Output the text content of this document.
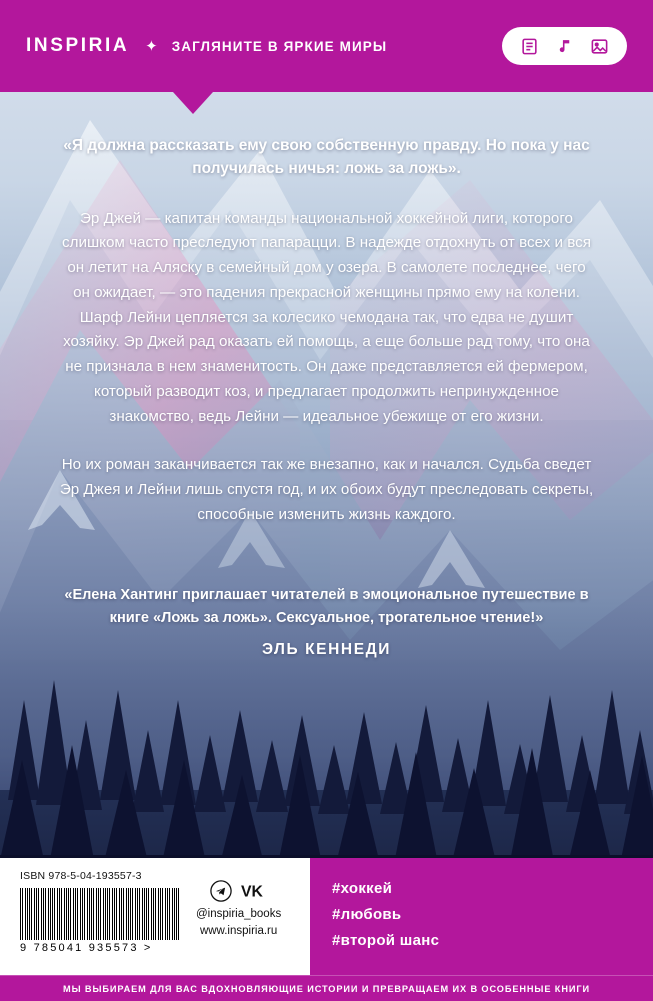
INSPIRIA ✦ ЗАГЛЯНИТЕ В ЯРКИЕ МИРЫ

«Я должна рассказать ему свою собственную правду. Но пока у нас получилась ничья: ложь за ложь».

Эр Джей — капитан команды национальной хоккейной лиги, которого слишком часто преследуют папарацци. В надежде отдохнуть от всех и вся он летит на Аляску в семейный дом у озера. В самолете последнее, чего он ожидает, — это падения прекрасной женщины прямо ему на колени. Шарф Лейни цепляется за колесико чемодана так, что едва не душит хозяйку. Эр Джей рад оказать ей помощь, а еще больше рад тому, что она не признала в нем знаменитость. Он даже представляется ей фермером, который разводит коз, и предлагает продолжить непринужденное знакомство, ведь Лейни — идеальное убежище от его жизни.

Но их роман заканчивается так же внезапно, как и начался. Судьба сведет Эр Джея и Лейни лишь спустя год, и их обоих будут преследовать секреты, способные изменить жизнь каждого.

«Елена Хантинг приглашает читателей в эмоциональное путешествие в книге «Ложь за ложь». Сексуальное, трогательное чтение!»

ЭЛЬ КЕННЕДИ

ISBN 978-5-04-193557-3
9 785041 935573 >
VK
@inspiria_books
www.inspiria.ru
#хоккей
#любовь
#второй шанс
МЫ ВЫБИРАЕМ ДЛЯ ВАС ВДОХНОВЛЯЮЩИЕ ИСТОРИИ И ПРЕВРАЩАЕМ ИХ В ОСОБЕННЫЕ КНИГИ
